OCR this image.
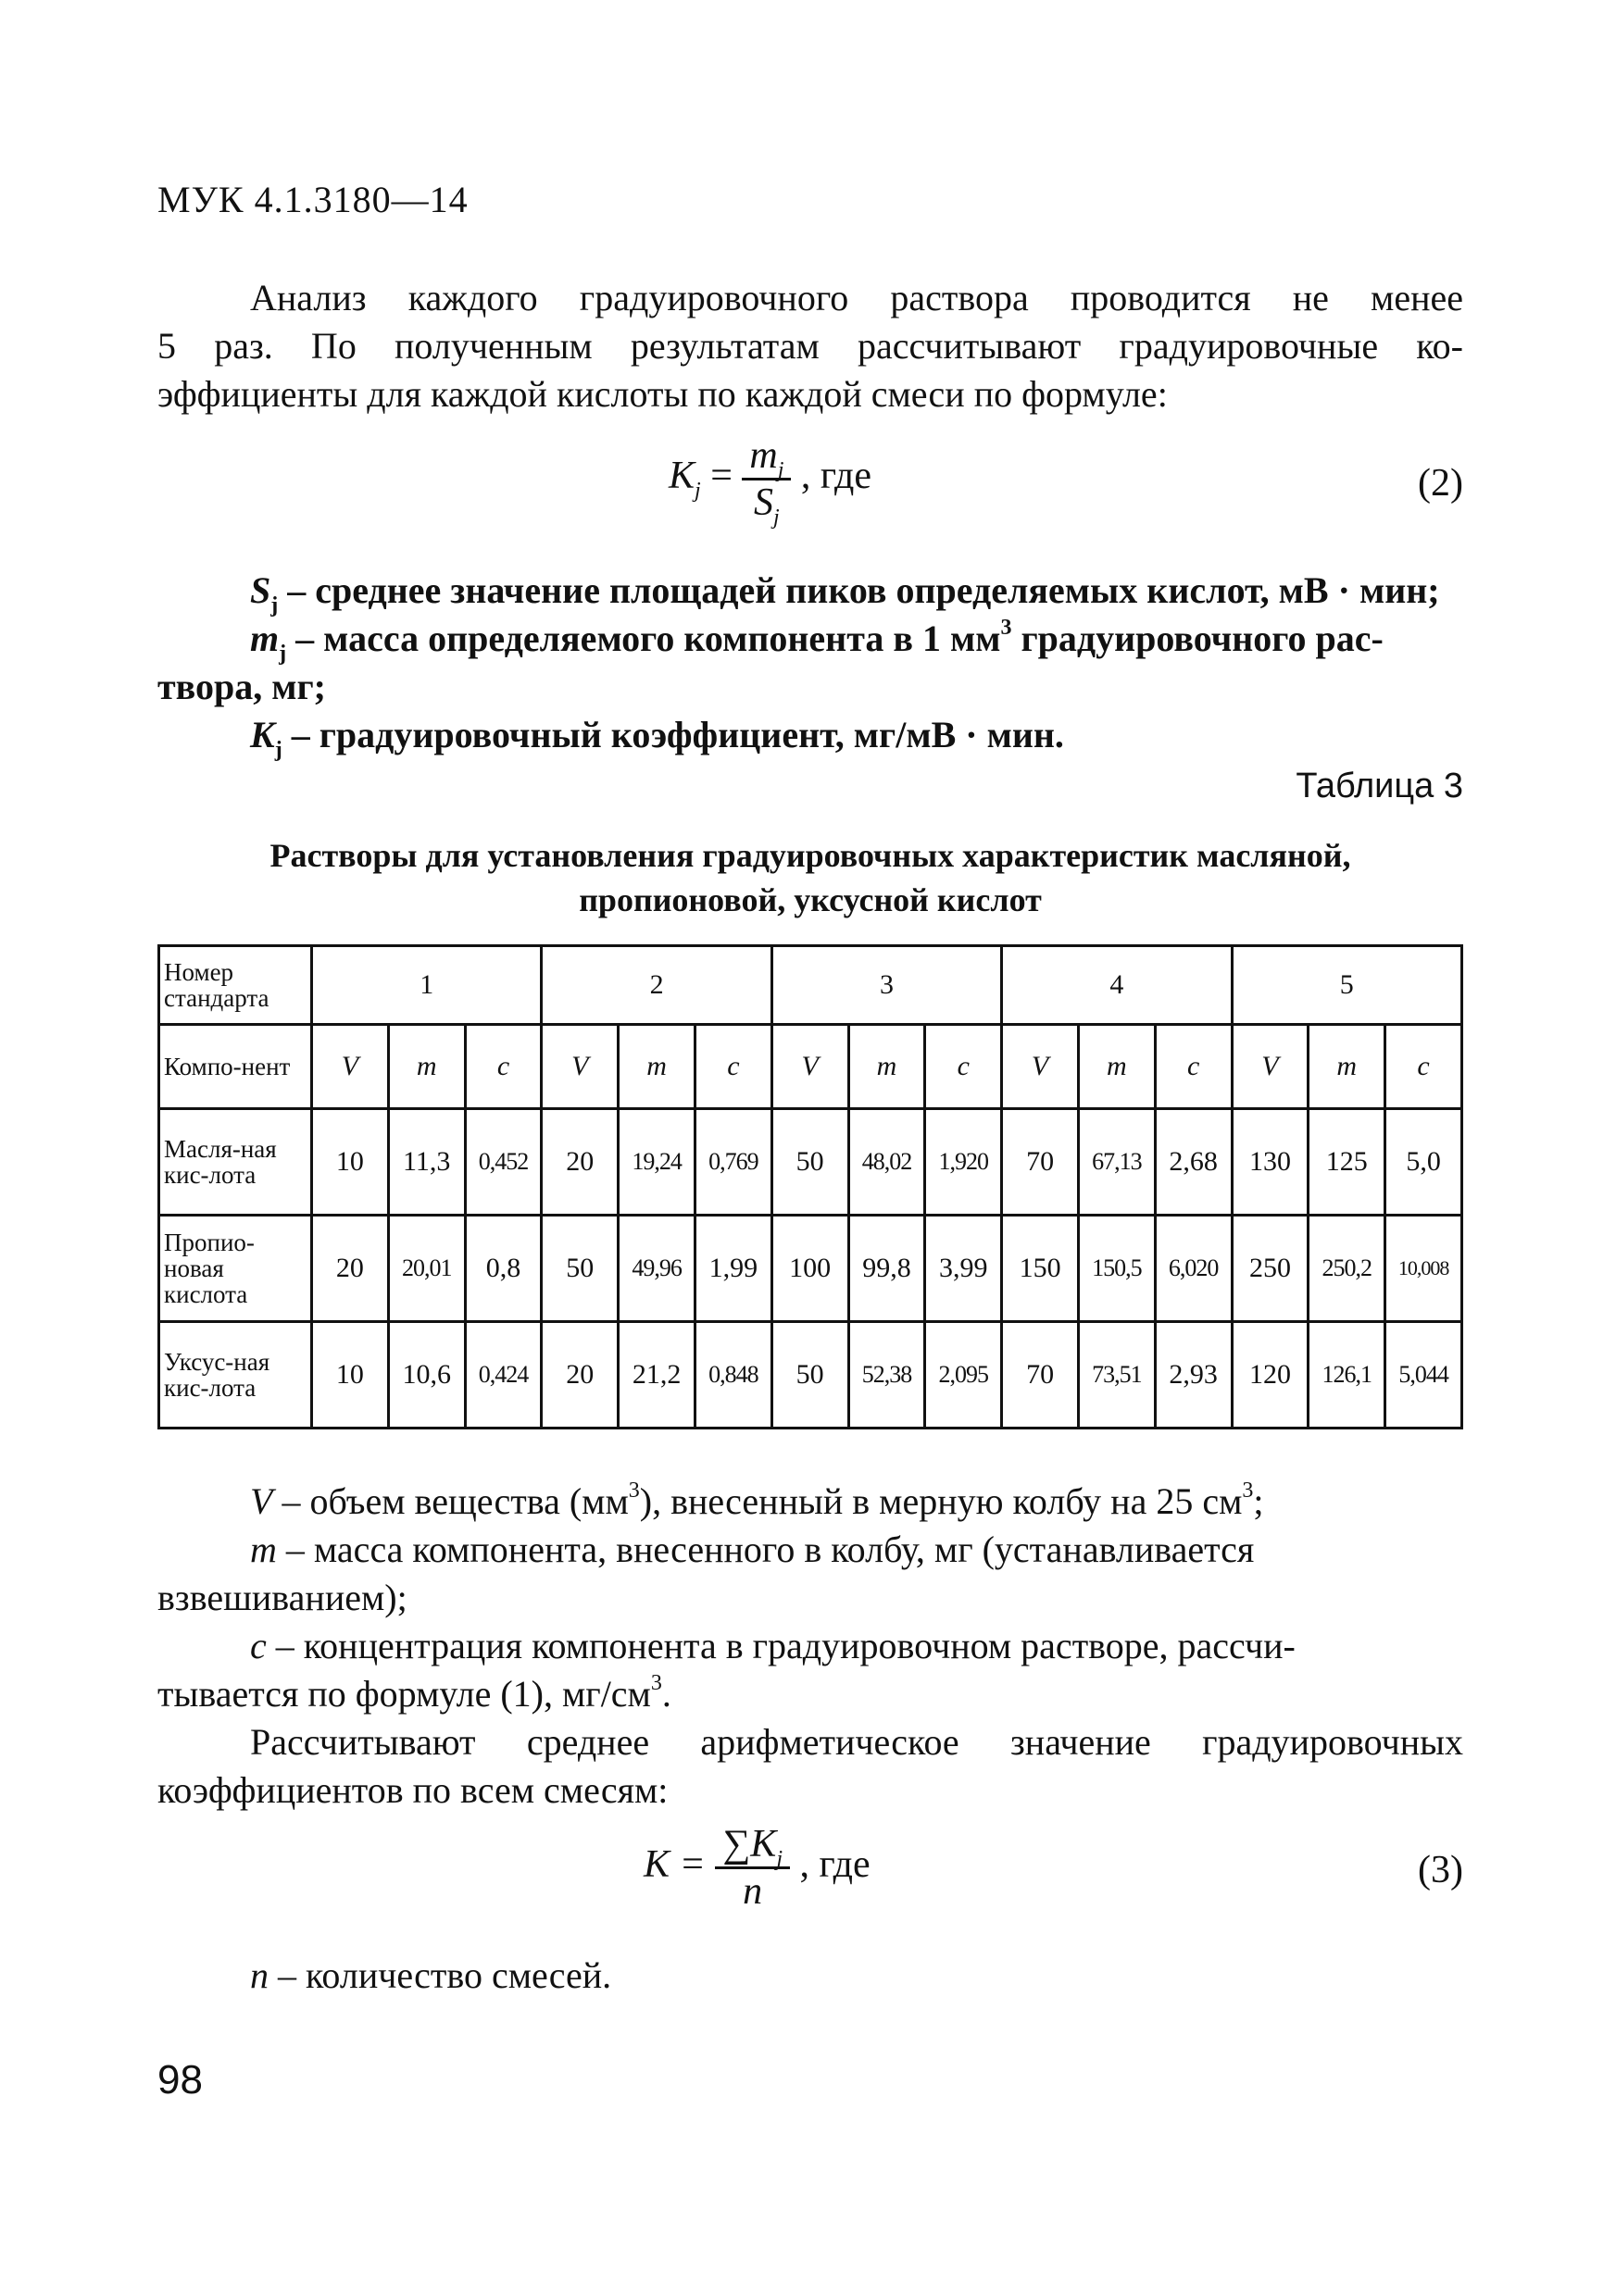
МУК 4.1.3180—14
Анализ каждого градуировочного раствора проводится не менее
5 раз. По полученным результатам рассчитывают градуировочные ко-
эффициенты для каждой кислоты по каждой смеси по формуле:
$K_j = \frac{m_j}{S_j}$ , где	(2)
$S_j$ – среднее значение площадей пиков определяемых кислот, мВ · мин;
$m_j$ – масса определяемого компонента в 1 $мм^3$ градуировочного рас-
твора, мг;
$K_j$ – градуировочный коэффициент, мг/мВ · мин.
Таблица 3
Растворы для установления градуировочных характеристик масляной,
пропионовой, уксусной кислот
Номер стандарта	1			2			3			4			5		
Компо-нент	V	m	c	V	m	c	V	m	c	V	m	c	V	m	c
Масля-ная кис-лота	10	11,3	0,452	20	19,24	0,769	50	48,02	1,920	70	67,13	2,68	130	125	5,0
Пропио-новая кислота	20	20,01	0,8	50	49,96	1,99	100	99,8	3,99	150	150,5	6,020	250	250,2	10,008
Уксус-ная кис-лота	10	10,6	0,424	20	21,2	0,848	50	52,38	2,095	70	73,51	2,93	120	126,1	5,044
V – объем вещества $(мм^3)$, внесенный в мерную колбу на 25 $см^3$;
m – масса компонента, внесенного в колбу, мг (устанавливается
взвешиванием);
c – концентрация компонента в градуировочном растворе, рассчи-
тывается по формуле (1), $мг/см^3$.
Рассчитывают среднее арифметическое значение градуировочных
коэффициентов по всем смесям:
$K = \frac{\sum K_j}{n}$ , где	(3)
n – количество смесей.
98
